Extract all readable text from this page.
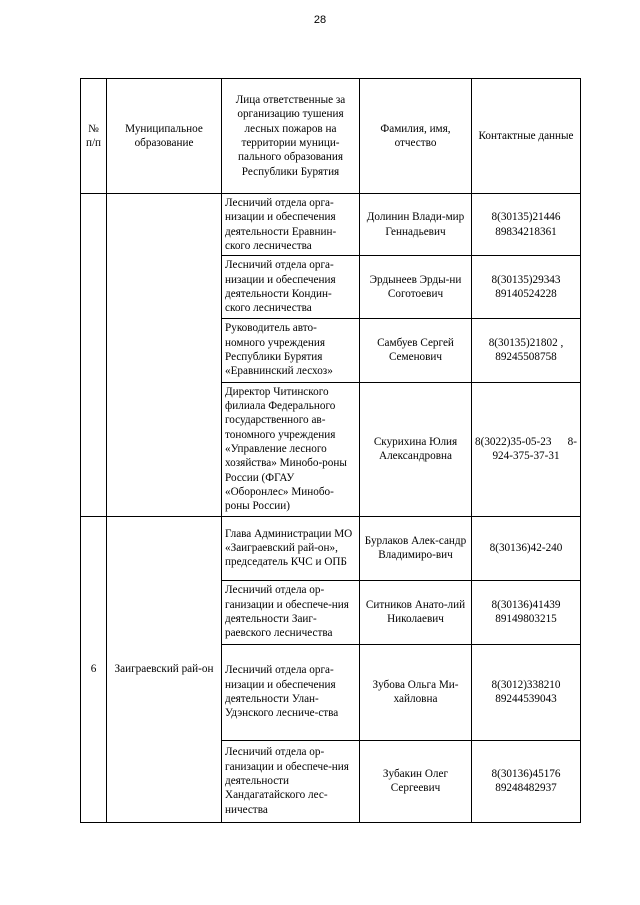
28
№ п/п	Муниципальное образование	Лица ответственные за организацию тушения лесных пожаров на территории муници-пального образования Республики Бурятия	Фамилия, имя, отчество	Контактные данные
		Лесничий отдела орга-низации и обеспечения деятельности Еравнин-ского лесничества	Долинин Влади-мир Геннадьевич	8(30135)21446 89834218361
		Лесничий отдела орга-низации и обеспечения деятельности Кондин-ского лесничества	Эрдынеев Эрды-ни Соготоевич	8(30135)29343 89140524228
		Руководитель авто-номного учреждения Республики Бурятия «Еравнинский лесхоз»	Самбуев Сергей Семенович	8(30135)21802 , 89245508758
		Директор Читинского филиала Федерального государственного ав-тономного учреждения «Управление лесного хозяйства» Минобо-роны России (ФГАУ «Оборонлес» Минобо-роны России)	Скурихина Юлия Александровна	8(3022)35-05-23 8-924-375-37-31
6	Заиграевский рай-он	Глава Администрации МО «Заиграевский рай-он», председатель КЧС и ОПБ	Бурлаков Алек-сандр Владимиро-вич	8(30136)42-240
		Лесничий отдела ор-ганизации и обеспече-ния деятельности Заиг-раевского лесничества	Ситников Анато-лий Николаевич	8(30136)41439 89149803215
		Лесничий отдела орга-низации и обеспечения деятельности Улан-Удэнского лесниче-ства	Зубова Ольга Ми-хайловна	8(3012)338210 89244539043
		Лесничий отдела ор-ганизации и обеспече-ния деятельности Хандагатайского лес-ничества	Зубакин Олег Сергеевич	8(30136)45176 89248482937
